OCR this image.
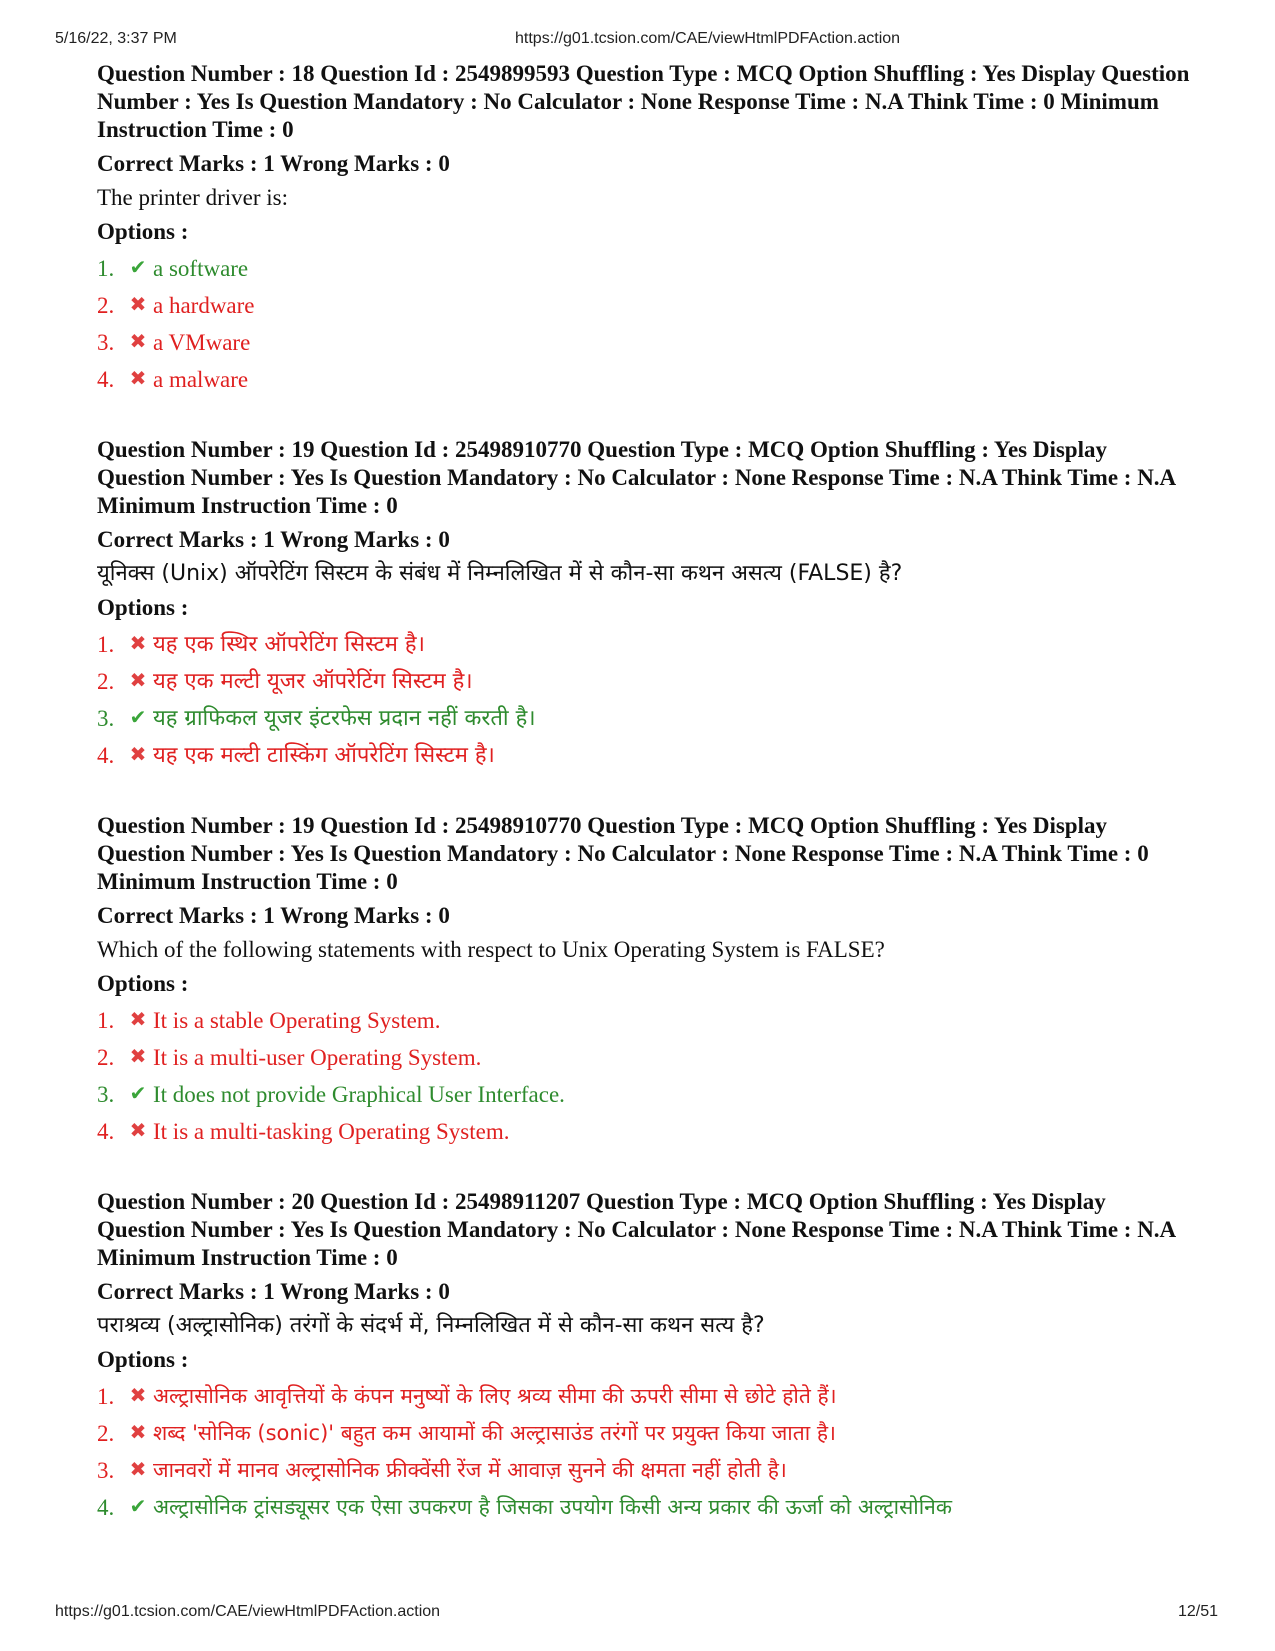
5/16/22, 3:37 PM	https://g01.tcsion.com/CAE/viewHtmlPDFAction.action
Question Number : 18 Question Id : 2549899593 Question Type : MCQ Option Shuffling : Yes Display Question Number : Yes Is Question Mandatory : No Calculator : None Response Time : N.A Think Time : 0 Minimum Instruction Time : 0
Correct Marks : 1 Wrong Marks : 0
The printer driver is:
Options :
1. ✔ a software
2. ✖ a hardware
3. ✖ a VMware
4. ✖ a malware
Question Number : 19 Question Id : 25498910770 Question Type : MCQ Option Shuffling : Yes Display Question Number : Yes Is Question Mandatory : No Calculator : None Response Time : N.A Think Time : N.A Minimum Instruction Time : 0
Correct Marks : 1 Wrong Marks : 0
यूनिक्स (Unix) ऑपरेटिंग सिस्टम के संबंध में निम्नलिखित में से कौन-सा कथन असत्य (FALSE) है?
Options :
1. ✖ यह एक स्थिर ऑपरेटिंग सिस्टम है।
2. ✖ यह एक मल्टी यूजर ऑपरेटिंग सिस्टम है।
3. ✔ यह ग्राफिकल यूजर इंटरफेस प्रदान नहीं करती है।
4. ✖ यह एक मल्टी टास्किंग ऑपरेटिंग सिस्टम है।
Question Number : 19 Question Id : 25498910770 Question Type : MCQ Option Shuffling : Yes Display Question Number : Yes Is Question Mandatory : No Calculator : None Response Time : N.A Think Time : 0 Minimum Instruction Time : 0
Correct Marks : 1 Wrong Marks : 0
Which of the following statements with respect to Unix Operating System is FALSE?
Options :
1. ✖ It is a stable Operating System.
2. ✖ It is a multi-user Operating System.
3. ✔ It does not provide Graphical User Interface.
4. ✖ It is a multi-tasking Operating System.
Question Number : 20 Question Id : 25498911207 Question Type : MCQ Option Shuffling : Yes Display Question Number : Yes Is Question Mandatory : No Calculator : None Response Time : N.A Think Time : N.A Minimum Instruction Time : 0
Correct Marks : 1 Wrong Marks : 0
पराश्रव्य (अल्ट्रासोनिक) तरंगों के संदर्भ में, निम्नलिखित में से कौन-सा कथन सत्य है?
Options :
1. ✖ अल्ट्रासोनिक आवृत्तियों के कंपन मनुष्यों के लिए श्रव्य सीमा की ऊपरी सीमा से छोटे होते हैं।
2. ✖ शब्द 'सोनिक (sonic)' बहुत कम आयामों की अल्ट्रासाउंड तरंगों पर प्रयुक्त किया जाता है।
3. ✖ जानवरों में मानव अल्ट्रासोनिक फ्रीक्वेंसी रेंज में आवाज़ सुनने की क्षमता नहीं होती है।
4. ✔ अल्ट्रासोनिक ट्रांसड्यूसर एक ऐसा उपकरण है जिसका उपयोग किसी अन्य प्रकार की ऊर्जा को अल्ट्रासोनिक
https://g01.tcsion.com/CAE/viewHtmlPDFAction.action	12/51
